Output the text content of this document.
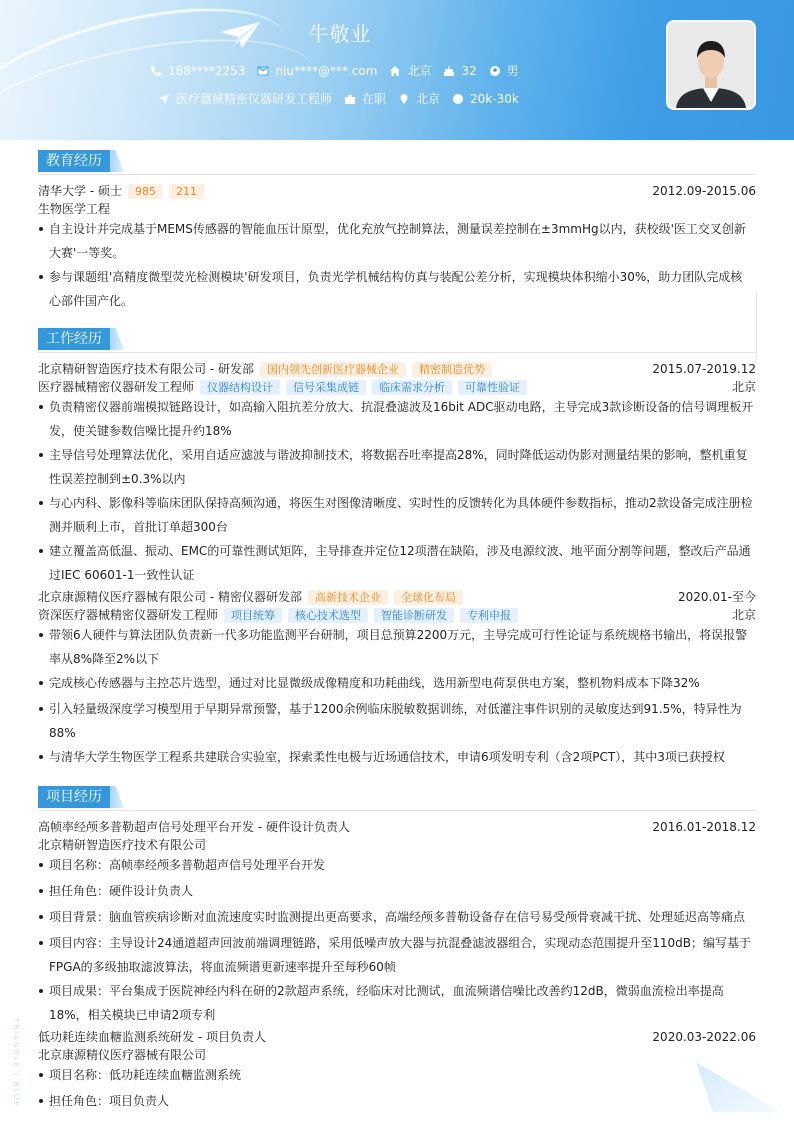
牛敬业
188****2253	niu****@***.com	北京	32	男
医疗器械精密仪器研发工程师	在职	北京	20k-30k
教育经历
清华大学 - 硕士	985	211	2012.09-2015.06
生物医学工程
自主设计并完成基于MEMS传感器的智能血压计原型，优化充放气控制算法，测量误差控制在±3mmHg以内，获校级'医工交叉创新大赛'一等奖。
参与课题组'高精度微型荧光检测模块'研发项目，负责光学机械结构仿真与装配公差分析，实现模块体积缩小30%，助力团队完成核心部件国产化。
工作经历
北京精研智造医疗技术有限公司 - 研发部	国内领先创新医疗器械企业	精密制造优势	2015.07-2019.12
医疗器械精密仪器研发工程师	仪器结构设计	信号采集成链	临床需求分析	可靠性验证	北京
负责精密仪器前端模拟链路设计，如高输入阻抗差分放大、抗混叠滤波及16bit ADC驱动电路，主导完成3款诊断设备的信号调理板开发，使关键参数信噪比提升约18%
主导信号处理算法优化，采用自适应滤波与谐波抑制技术，将数据吞吐率提高28%，同时降低运动伪影对测量结果的影响，整机重复性误差控制到±0.3%以内
与心内科、影像科等临床团队保持高频沟通，将医生对图像清晰度、实时性的反馈转化为具体硬件参数指标，推动2款设备完成注册检测并顺利上市，首批订单超300台
建立覆盖高低温、振动、EMC的可靠性测试矩阵，主导排查并定位12项潜在缺陷，涉及电源纹波、地平面分割等问题，整改后产品通过IEC 60601-1一致性认证
北京康源精仪医疗器械有限公司 - 精密仪器研发部	高新技术企业	全球化布局	2020.01-至今
资深医疗器械精密仪器研发工程师	项目统筹	核心技术选型	智能诊断研发	专利申报	北京
带领6人硬件与算法团队负责新一代多功能监测平台研制，项目总预算2200万元，主导完成可行性论证与系统规格书输出，将误报警率从8%降至2%以下
完成核心传感器与主控芯片选型，通过对比显微级成像精度和功耗曲线，选用新型电荷泵供电方案，整机物料成本下降32%
引入轻量级深度学习模型用于早期异常预警，基于1200余例临床脱敏数据训练，对低灌注事件识别的灵敏度达到91.5%，特异性为88%
与清华大学生物医学工程系共建联合实验室，探索柔性电极与近场通信技术，申请6项发明专利（含2项PCT），其中3项已获授权
项目经历
高帧率经颅多普勒超声信号处理平台开发 - 硬件设计负责人	2016.01-2018.12
北京精研智造医疗技术有限公司
项目名称：高帧率经颅多普勒超声信号处理平台开发
担任角色：硬件设计负责人
项目背景：脑血管疾病诊断对血流速度实时监测提出更高要求，高端经颅多普勒设备存在信号易受颅骨衰减干扰、处理延迟高等痛点
项目内容：主导设计24通道超声回波前端调理链路，采用低噪声放大器与抗混叠滤波器组合，实现动态范围提升至110dB；编写基于FPGA的多级抽取滤波算法，将血流频谱更新速率提升至每秒60帧
项目成果：平台集成于医院神经内科在研的2款超声系统，经临床对比测试，血流频谱信噪比改善约12dB，微弱血流检出率提高18%，相关模块已申请2项专利
低功耗连续血糖监测系统研发 - 项目负责人	2020.03-2022.06
北京康源精仪医疗器械有限公司
项目名称：低功耗连续血糖监测系统
担任角色：项目负责人
TRIANGLE / BLUE
